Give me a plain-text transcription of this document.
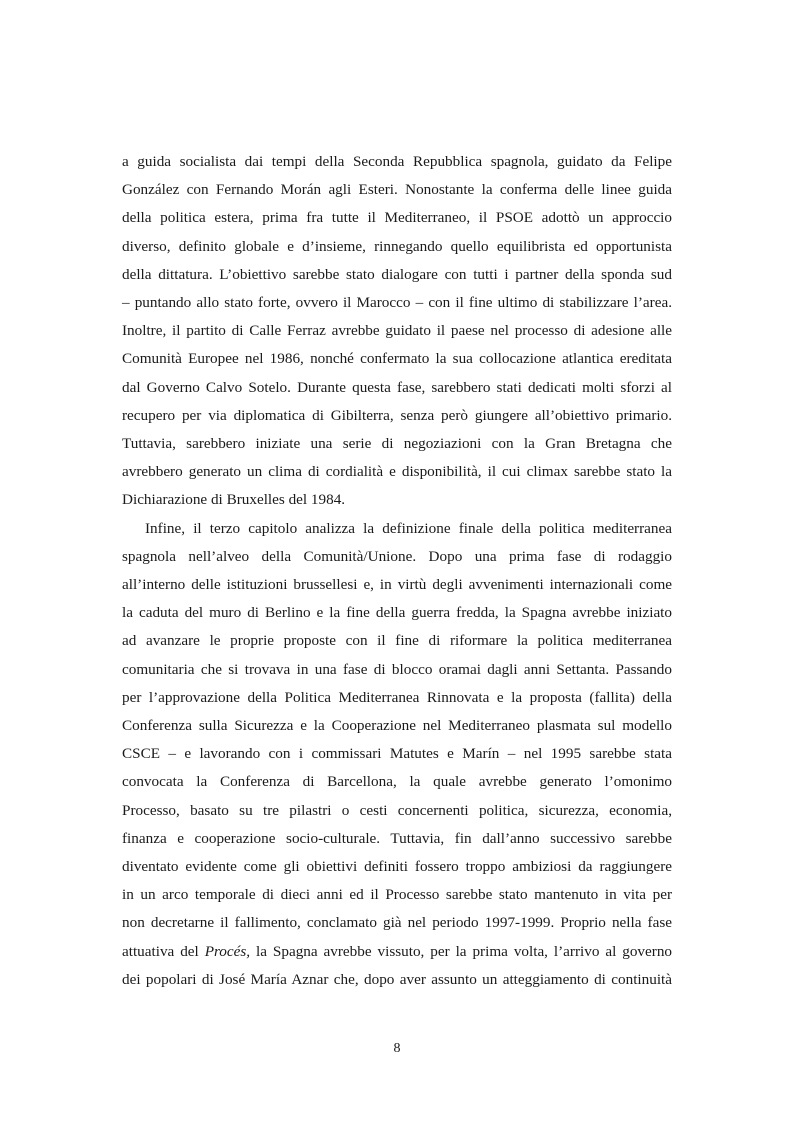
a guida socialista dai tempi della Seconda Repubblica spagnola, guidato da Felipe
González con Fernando Morán agli Esteri. Nonostante la conferma delle linee guida
della politica estera, prima fra tutte il Mediterraneo, il PSOE adottò un approccio
diverso, definito globale e d’insieme, rinnegando quello equilibrista ed opportunista
della dittatura. L’obiettivo sarebbe stato dialogare con tutti i partner della sponda sud
– puntando allo stato forte, ovvero il Marocco – con il fine ultimo di stabilizzare l’area.
Inoltre, il partito di Calle Ferraz avrebbe guidato il paese nel processo di adesione alle
Comunità Europee nel 1986, nonché confermato la sua collocazione atlantica ereditata
dal Governo Calvo Sotelo. Durante questa fase, sarebbero stati dedicati molti sforzi al
recupero per via diplomatica di Gibilterra, senza però giungere all’obiettivo primario.
Tuttavia, sarebbero iniziate una serie di negoziazioni con la Gran Bretagna che
avrebbero generato un clima di cordialità e disponibilità, il cui climax sarebbe stato la
Dichiarazione di Bruxelles del 1984.

Infine, il terzo capitolo analizza la definizione finale della politica mediterranea
spagnola nell’alveo della Comunità/Unione. Dopo una prima fase di rodaggio
all’interno delle istituzioni brussellesi e, in virtù degli avvenimenti internazionali come
la caduta del muro di Berlino e la fine della guerra fredda, la Spagna avrebbe iniziato
ad avanzare le proprie proposte con il fine di riformare la politica mediterranea
comunitaria che si trovava in una fase di blocco oramai dagli anni Settanta. Passando
per l’approvazione della Politica Mediterranea Rinnovata e la proposta (fallita) della
Conferenza sulla Sicurezza e la Cooperazione nel Mediterraneo plasmata sul modello
CSCE – e lavorando con i commissari Matutes e Marín – nel 1995 sarebbe stata
convocata la Conferenza di Barcellona, la quale avrebbe generato l’omonimo
Processo, basato su tre pilastri o cesti concernenti politica, sicurezza, economia,
finanza e cooperazione socio-culturale. Tuttavia, fin dall’anno successivo sarebbe
diventato evidente come gli obiettivi definiti fossero troppo ambiziosi da raggiungere
in un arco temporale di dieci anni ed il Processo sarebbe stato mantenuto in vita per
non decretarne il fallimento, conclamato già nel periodo 1997-1999. Proprio nella fase
attuativa del Procés, la Spagna avrebbe vissuto, per la prima volta, l’arrivo al governo
dei popolari di José María Aznar che, dopo aver assunto un atteggiamento di continuità

8
